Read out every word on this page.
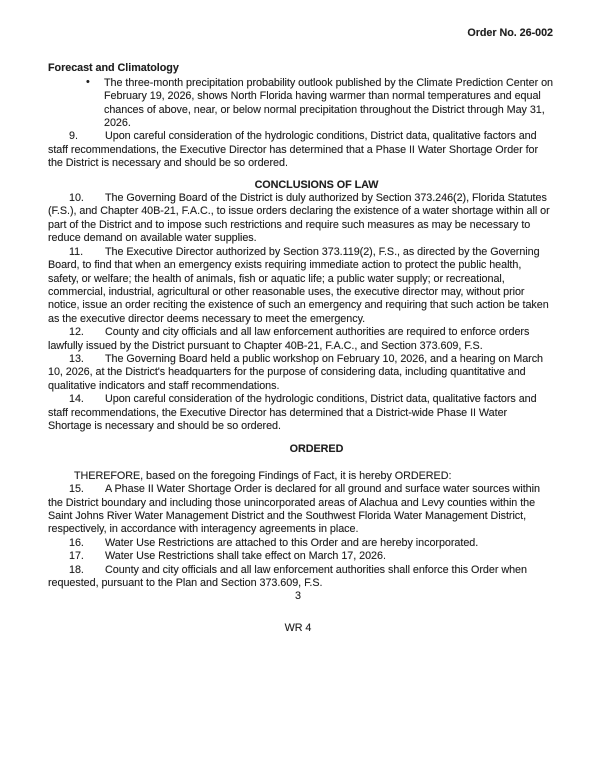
Order No. 26-002
Forecast and Climatology
• The three-month precipitation probability outlook published by the Climate Prediction Center on February 19, 2026, shows North Florida having warmer than normal temperatures and equal chances of above, near, or below normal precipitation throughout the District through May 31, 2026.

9.	Upon careful consideration of the hydrologic conditions, District data, qualitative factors and staff recommendations, the Executive Director has determined that a Phase II Water Shortage Order for the District is necessary and should be so ordered.

CONCLUSIONS OF LAW

10. The Governing Board of the District is duly authorized by Section 373.246(2), Florida Statutes (F.S.), and Chapter 40B-21, F.A.C., to issue orders declaring the existence of a water shortage within all or part of the District and to impose such restrictions and require such measures as may be necessary to reduce demand on available water supplies.

11. The Executive Director authorized by Section 373.119(2), F.S., as directed by the Governing Board, to find that when an emergency exists requiring immediate action to protect the public health, safety, or welfare; the health of animals, fish or aquatic life; a public water supply; or recreational, commercial, industrial, agricultural or other reasonable uses, the executive director may, without prior notice, issue an order reciting the existence of such an emergency and requiring that such action be taken as the executive director deems necessary to meet the emergency.

12. County and city officials and all law enforcement authorities are required to enforce orders lawfully issued by the District pursuant to Chapter 40B-21, F.A.C., and Section 373.609, F.S.

13. The Governing Board held a public workshop on February 10, 2026, and a hearing on March 10, 2026, at the District's headquarters for the purpose of considering data, including quantitative and qualitative indicators and staff recommendations.

14. Upon careful consideration of the hydrologic conditions, District data, qualitative factors and staff recommendations, the Executive Director has determined that a District-wide Phase II Water Shortage is necessary and should be so ordered.

ORDERED

THEREFORE, based on the foregoing Findings of Fact, it is hereby ORDERED:

15. A Phase II Water Shortage Order is declared for all ground and surface water sources within the District boundary and including those unincorporated areas of Alachua and Levy counties within the Saint Johns River Water Management District and the Southwest Florida Water Management District, respectively, in accordance with interagency agreements in place.

16. Water Use Restrictions are attached to this Order and are hereby incorporated.

17. Water Use Restrictions shall take effect on March 17, 2026.

18. County and city officials and all law enforcement authorities shall enforce this Order when requested, pursuant to the Plan and Section 373.609, F.S.

3
WR 4
